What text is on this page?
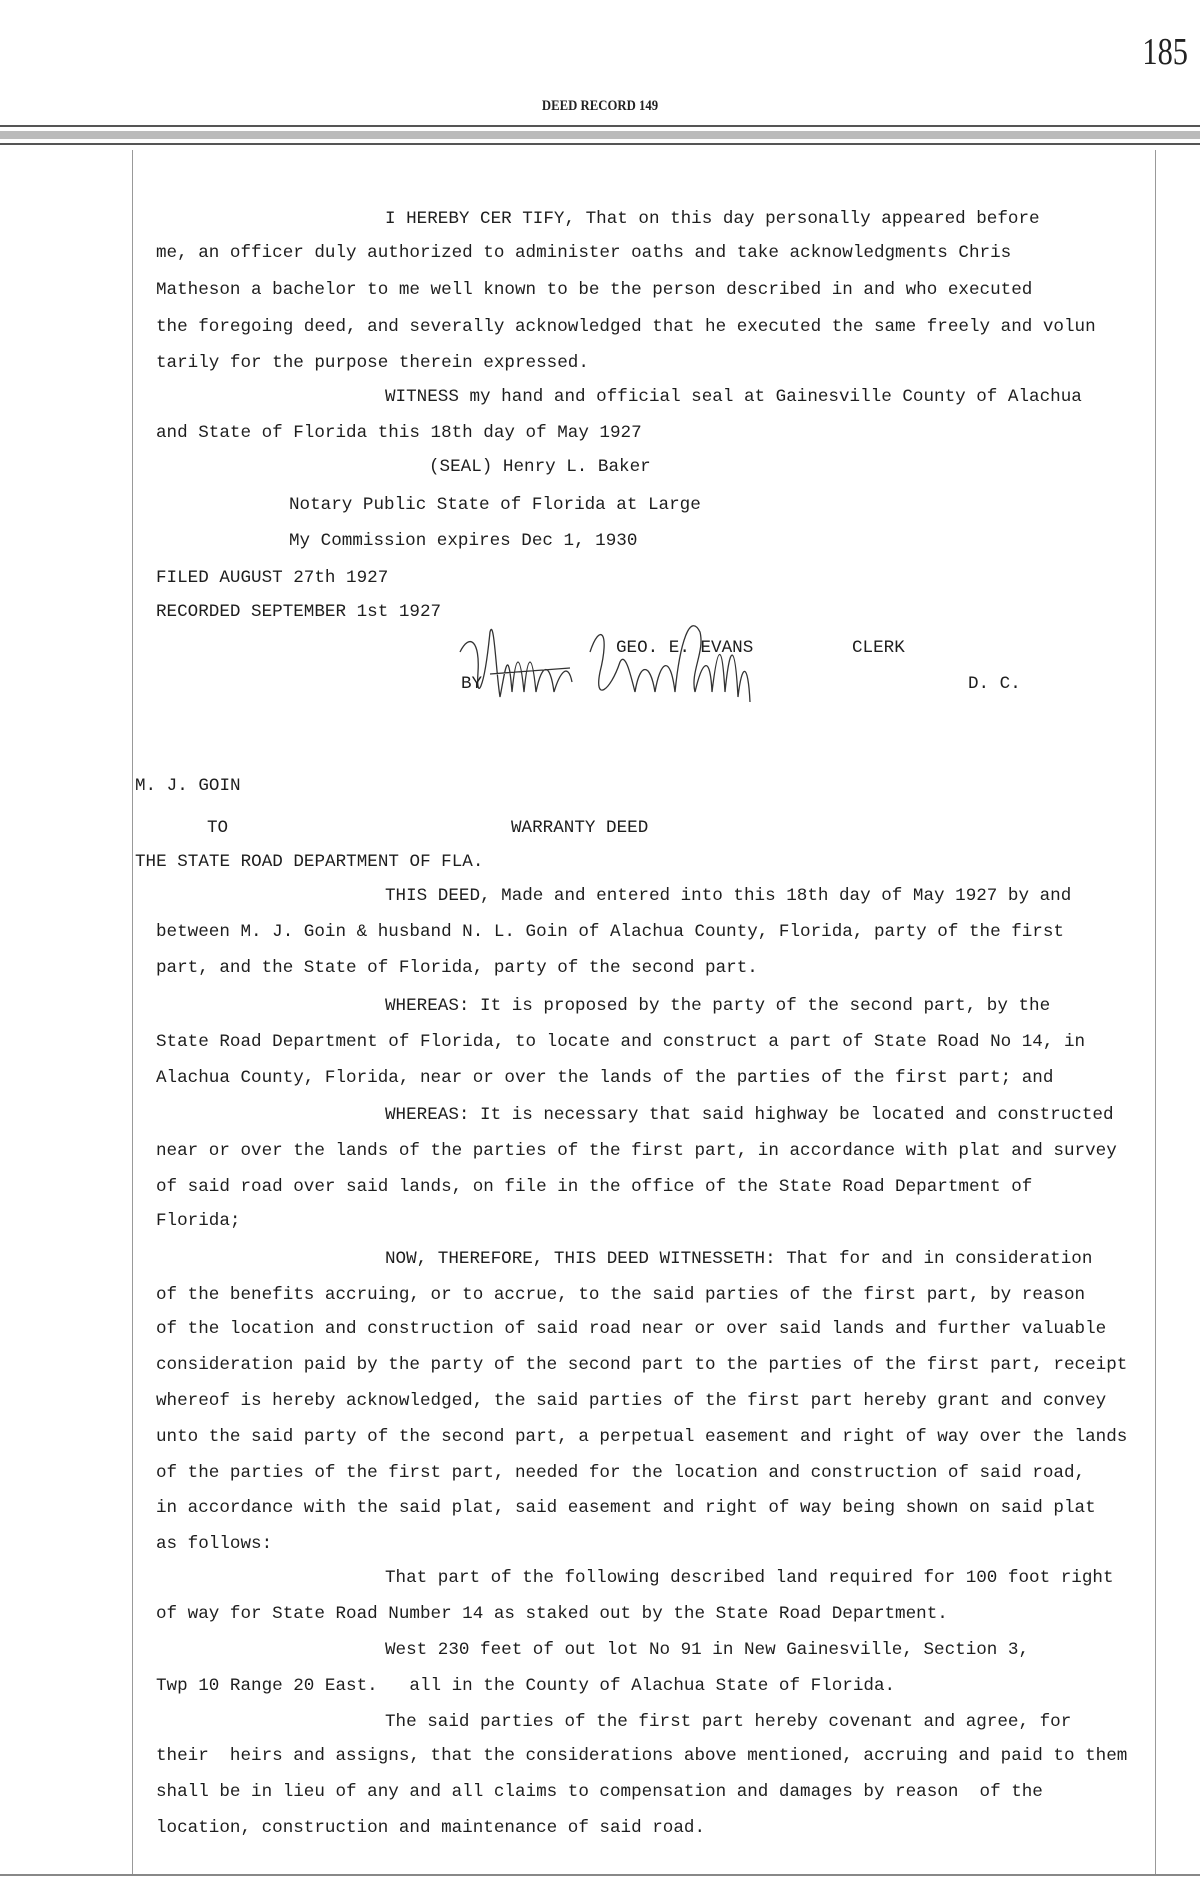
185
DEED RECORD 149
I HEREBY CER TIFY, That on this day personally appeared before
me, an officer duly authorized to administer oaths and take acknowledgments Chris
Matheson a bachelor to me well known to be the person described in and who executed
the foregoing deed, and severally acknowledged that he executed the same freely and volun
tarily for the purpose therein expressed.
WITNESS my hand and official seal at Gainesville County of Alachua
and State of Florida this 18th day of May 1927
(SEAL) Henry L. Baker
Notary Public State of Florida at Large
My Commission expires Dec 1, 1930
FILED AUGUST 27th 1927
RECORDED SEPTEMBER 1st 1927
GEO. E. EVANS	CLERK
BY	D. C.
M. J. GOIN
TO	WARRANTY DEED
THE STATE ROAD DEPARTMENT OF FLA.
THIS DEED, Made and entered into this 18th day of May 1927 by and
between M. J. Goin & husband N. L. Goin of Alachua County, Florida, party of the first
part, and the State of Florida, party of the second part.
WHEREAS: It is proposed by the party of the second part, by the
State Road Department of Florida, to locate and construct a part of State Road No 14, in
Alachua County, Florida, near or over the lands of the parties of the first part; and
WHEREAS: It is necessary that said highway be located and constructed
near or over the lands of the parties of the first part, in accordance with plat and survey
of said road over said lands, on file in the office of the State Road Department of
Florida;
NOW, THEREFORE, THIS DEED WITNESSETH: That for and in consideration
of the benefits accruing, or to accrue, to the said parties of the first part, by reason
of the location and construction of said road near or over said lands and further valuable
consideration paid by the party of the second part to the parties of the first part, receipt
whereof is hereby acknowledged, the said parties of the first part hereby grant and convey
unto the said party of the second part, a perpetual easement and right of way over the lands
of the parties of the first part, needed for the location and construction of said road,
in accordance with the said plat, said easement and right of way being shown on said plat
as follows:
That part of the following described land required for 100 foot right
of way for State Road Number 14 as staked out by the State Road Department.
West 230 feet of out lot No 91 in New Gainesville, Section 3,
Twp 10 Range 20 East.   all in the County of Alachua State of Florida.
The said parties of the first part hereby covenant and agree, for
their  heirs and assigns, that the considerations above mentioned, accruing and paid to them
shall be in lieu of any and all claims to compensation and damages by reason  of the
location, construction and maintenance of said road.
